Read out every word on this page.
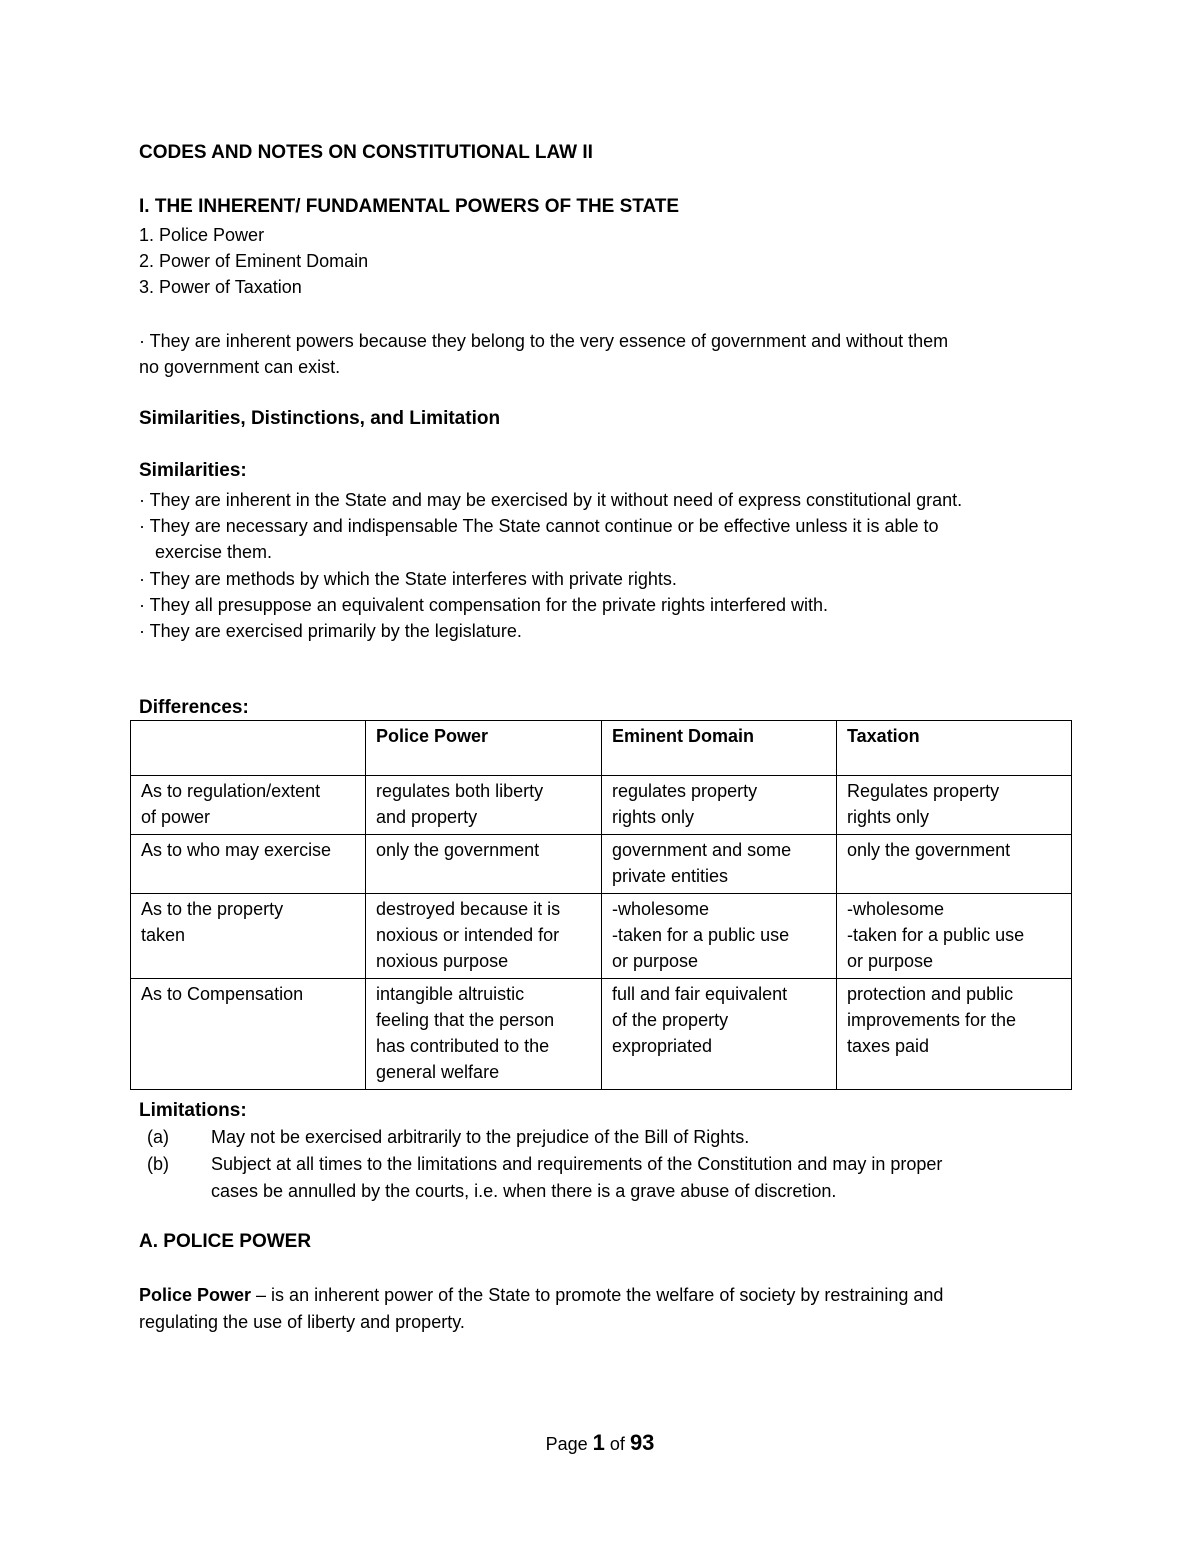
CODES AND NOTES ON CONSTITUTIONAL LAW II
I. THE INHERENT/ FUNDAMENTAL POWERS OF THE STATE
1. Police Power
2. Power of Eminent Domain
3. Power of Taxation
· They are inherent powers because they belong to the very essence of government and without them
no government can exist.
Similarities, Distinctions, and Limitation
Similarities:
· They are inherent in the State and may be exercised by it without need of express constitutional grant.
· They are necessary and indispensable The State cannot continue or be effective unless it is able to
exercise them.
· They are methods by which the State interferes with private rights.
· They all presuppose an equivalent compensation for the private rights interfered with.
· They are exercised primarily by the legislature.
Differences:
	Police Power	Eminent Domain	Taxation

As to regulation/extent
of power	regulates both liberty
and property	regulates property
rights only	Regulates property
rights only

As to who may exercise	only the government	government and some
private entities	only the government

As to the property
taken	destroyed because it is
noxious or intended for
noxious purpose	-wholesome
-taken for a public use
or purpose	-wholesome
-taken for a public use
or purpose

As to Compensation	intangible altruistic
feeling that the person
has contributed to the
general welfare	full and fair equivalent
of the property
expropriated	protection and public
improvements for the
taxes paid
Limitations:
(a) May not be exercised arbitrarily to the prejudice of the Bill of Rights.
(b) Subject at all times to the limitations and requirements of the Constitution and may in proper
cases be annulled by the courts, i.e. when there is a grave abuse of discretion.
A. POLICE POWER
Police Power – is an inherent power of the State to promote the welfare of society by restraining and
regulating the use of liberty and property.
Page 1 of 93
